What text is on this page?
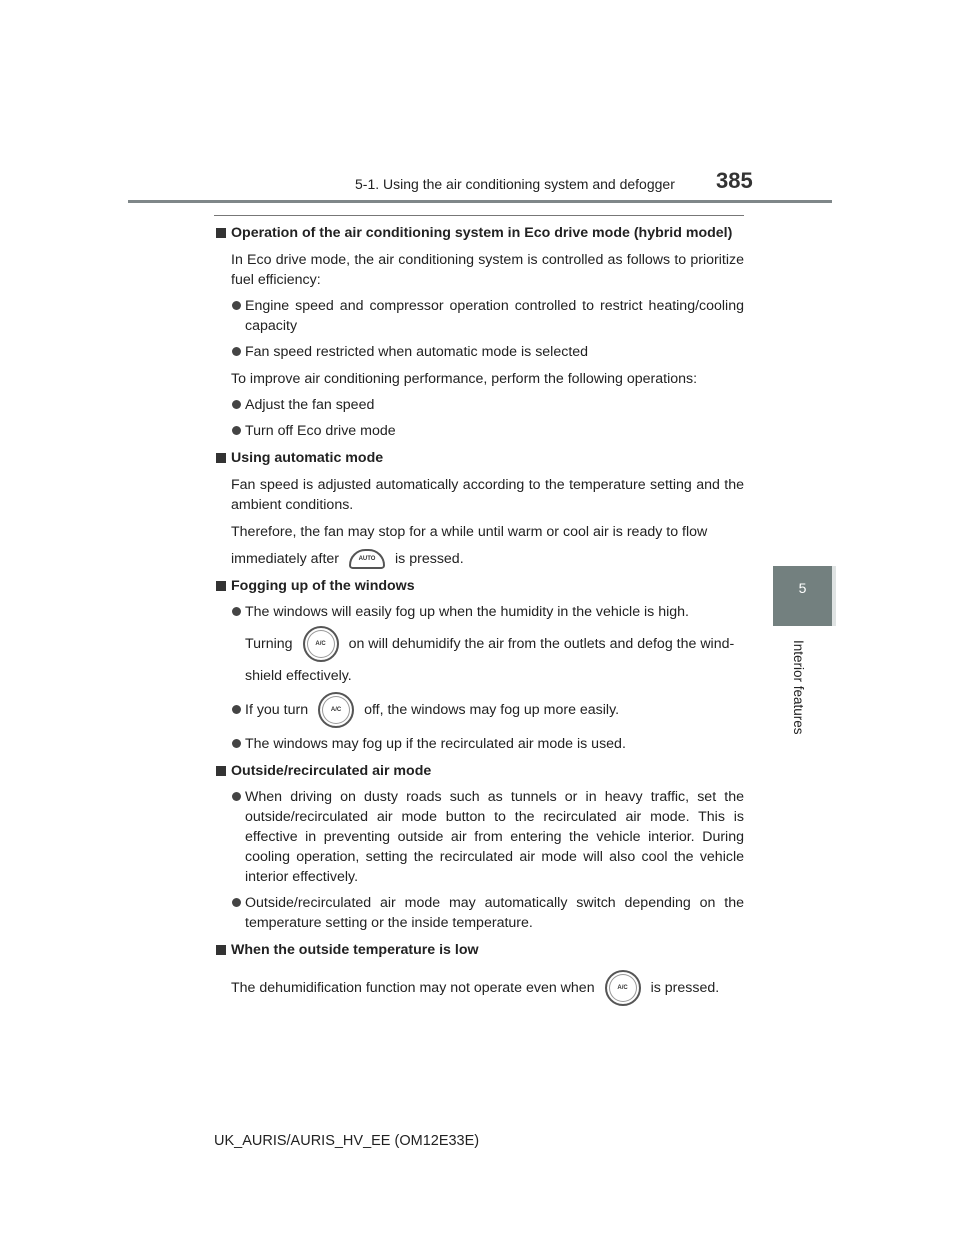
5-1. Using the air conditioning system and defogger 385
5
Interior features
Operation of the air conditioning system in Eco drive mode (hybrid model)
In Eco drive mode, the air conditioning system is controlled as follows to prioritize fuel efficiency:
Engine speed and compressor operation controlled to restrict heating/cooling capacity
Fan speed restricted when automatic mode is selected
To improve air conditioning performance, perform the following operations:
Adjust the fan speed
Turn off Eco drive mode
Using automatic mode
Fan speed is adjusted automatically according to the temperature setting and the ambient conditions.
Therefore, the fan may stop for a while until warm or cool air is ready to flow
immediately after	AUTO	is pressed.
Fogging up of the windows
The windows will easily fog up when the humidity in the vehicle is high.
Turning	A/C	on will dehumidify the air from the outlets and defog the wind-
shield effectively.
If you turn	A/C	off, the windows may fog up more easily.
The windows may fog up if the recirculated air mode is used.
Outside/recirculated air mode
When driving on dusty roads such as tunnels or in heavy traffic, set the outside/recirculated air mode button to the recirculated air mode. This is effective in preventing outside air from entering the vehicle interior. During cooling operation, setting the recirculated air mode will also cool the vehicle interior effectively.
Outside/recirculated air mode may automatically switch depending on the temperature setting or the inside temperature.
When the outside temperature is low
The dehumidification function may not operate even when	A/C	is pressed.
UK_AURIS/AURIS_HV_EE (OM12E33E)
